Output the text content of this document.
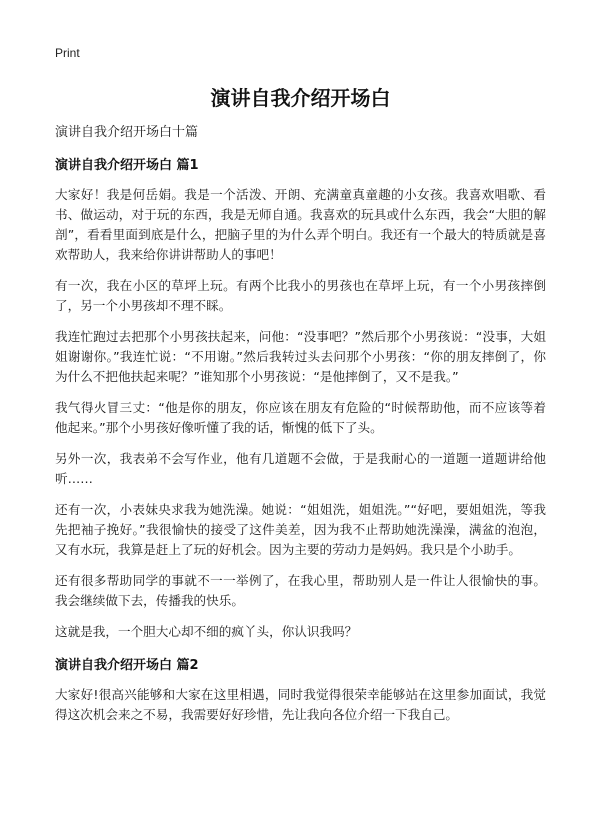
Print
演讲自我介绍开场白
演讲自我介绍开场白十篇
演讲自我介绍开场白 篇1
大家好！我是何岳娟。我是一个活泼、开朗、充满童真童趣的小女孩。我喜欢唱歌、看书、做运动，对于玩的东西，我是无师自通。我喜欢的玩具或什么东西，我会“大胆的解剖”，看看里面到底是什么，把脑子里的为什么弄个明白。我还有一个最大的特质就是喜欢帮助人，我来给你讲讲帮助人的事吧！
有一次，我在小区的草坪上玩。有两个比我小的男孩也在草坪上玩，有一个小男孩摔倒了，另一个小男孩却不理不睬。
我连忙跑过去把那个小男孩扶起来，问他：“没事吧？”然后那个小男孩说：“没事，大姐姐谢谢你。”我连忙说：“不用谢。”然后我转过头去问那个小男孩：“你的朋友摔倒了，你为什么不把他扶起来呢？”谁知那个小男孩说：“是他摔倒了，又不是我。”
我气得火冒三丈：“他是你的朋友，你应该在朋友有危险的“时候帮助他，而不应该等着他起来。”那个小男孩好像听懂了我的话，惭愧的低下了头。
另外一次，我表弟不会写作业，他有几道题不会做，于是我耐心的一道题一道题讲给他听……
还有一次，小表妹央求我为她洗澡。她说：“姐姐洗，姐姐洗。”“好吧，要姐姐洗，等我先把袖子挽好。”我很愉快的接受了这件美差，因为我不止帮助她洗澡澡，满盆的泡泡，又有水玩，我算是赶上了玩的好机会。因为主要的劳动力是妈妈。我只是个小助手。
还有很多帮助同学的事就不一一举例了，在我心里，帮助别人是一件让人很愉快的事。我会继续做下去，传播我的快乐。
这就是我，一个胆大心却不细的疯丫头，你认识我吗？
演讲自我介绍开场白 篇2
大家好!很高兴能够和大家在这里相遇，同时我觉得很荣幸能够站在这里参加面试，我觉得这次机会来之不易，我需要好好珍惜，先让我向各位介绍一下我自己。
